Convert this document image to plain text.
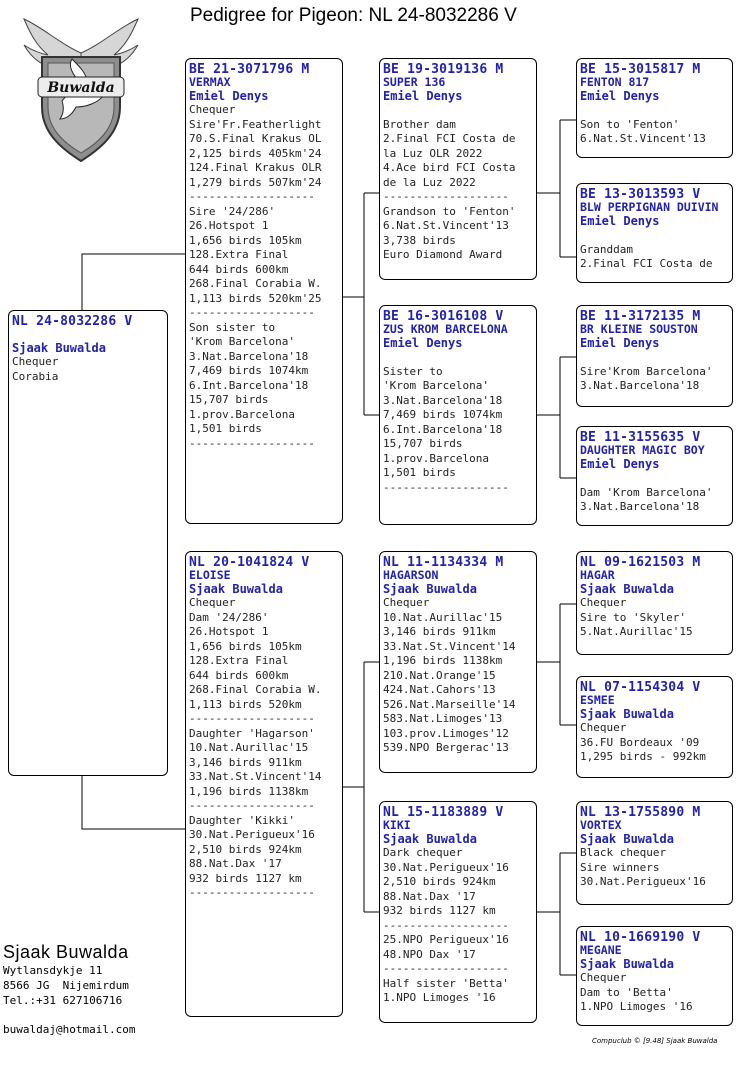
Pedigree for Pigeon: NL 24-8032286 V
Buwalda
NL 24-8032286 V

Sjaak Buwalda
Chequer
Corabia
BE 21-3071796 M
VERMAX
Emiel Denys
Chequer
Sire'Fr.Featherlight
70.S.Final Krakus OL
2,125 birds 405km'24
124.Final Krakus OLR
1,279 birds 507km'24
-------------------
Sire '24/286'
26.Hotspot 1
1,656 birds 105km
128.Extra Final
644 birds 600km
268.Final Corabia W.
1,113 birds 520km'25
-------------------
Son sister to
'Krom Barcelona'
3.Nat.Barcelona'18
7,469 birds 1074km
6.Int.Barcelona'18
15,707 birds
1.prov.Barcelona
1,501 birds
-------------------
NL 20-1041824 V
ELOISE
Sjaak Buwalda
Chequer
Dam '24/286'
26.Hotspot 1
1,656 birds 105km
128.Extra Final
644 birds 600km
268.Final Corabia W.
1,113 birds 520km
-------------------
Daughter 'Hagarson'
10.Nat.Aurillac'15
3,146 birds 911km
33.Nat.St.Vincent'14
1,196 birds 1138km
-------------------
Daughter 'Kikki'
30.Nat.Perigueux'16
2,510 birds 924km
88.Nat.Dax '17
932 birds 1127 km
-------------------
BE 19-3019136 M
SUPER 136
Emiel Denys

Brother dam
2.Final FCI Costa de
la Luz OLR 2022
4.Ace bird FCI Costa
de la Luz 2022
-------------------
Grandson to 'Fenton'
6.Nat.St.Vincent'13
3,738 birds
Euro Diamond Award
BE 16-3016108 V
ZUS KROM BARCELONA
Emiel Denys

Sister to
'Krom Barcelona'
3.Nat.Barcelona'18
7,469 birds 1074km
6.Int.Barcelona'18
15,707 birds
1.prov.Barcelona
1,501 birds
-------------------
NL 11-1134334 M
HAGARSON
Sjaak Buwalda
Chequer
10.Nat.Aurillac'15
3,146 birds 911km
33.Nat.St.Vincent'14
1,196 birds 1138km
210.Nat.Orange'15
424.Nat.Cahors'13
526.Nat.Marseille'14
583.Nat.Limoges'13
103.prov.Limoges'12
539.NPO Bergerac'13
NL 15-1183889 V
KIKI
Sjaak Buwalda
Dark chequer
30.Nat.Perigueux'16
2,510 birds 924km
88.Nat.Dax '17
932 birds 1127 km
-------------------
25.NPO Perigueux'16
48.NPO Dax '17
-------------------
Half sister 'Betta'
1.NPO Limoges '16
BE 15-3015817 M
FENTON 817
Emiel Denys

Son to 'Fenton'
6.Nat.St.Vincent'13
BE 13-3013593 V
BLW PERPIGNAN DUIVIN
Emiel Denys

Granddam
2.Final FCI Costa de
BE 11-3172135 M
BR KLEINE SOUSTON
Emiel Denys

Sire'Krom Barcelona'
3.Nat.Barcelona'18
BE 11-3155635 V
DAUGHTER MAGIC BOY
Emiel Denys

Dam 'Krom Barcelona'
3.Nat.Barcelona'18
NL 09-1621503 M
HAGAR
Sjaak Buwalda
Chequer
Sire to 'Skyler'
5.Nat.Aurillac'15
NL 07-1154304 V
ESMEE
Sjaak Buwalda
Chequer
36.FU Bordeaux '09
1,295 birds - 992km
NL 13-1755890 M
VORTEX
Sjaak Buwalda
Black chequer
Sire winners
30.Nat.Perigueux'16
NL 10-1669190 V
MEGANE
Sjaak Buwalda
Chequer
Dam to 'Betta'
1.NPO Limoges '16
Sjaak Buwalda
Wytlansdykje 11
8566 JG  Nijemirdum
Tel.:+31 627106716
buwaldaj@hotmail.com
Compuclub © [9.48] Sjaak Buwalda
